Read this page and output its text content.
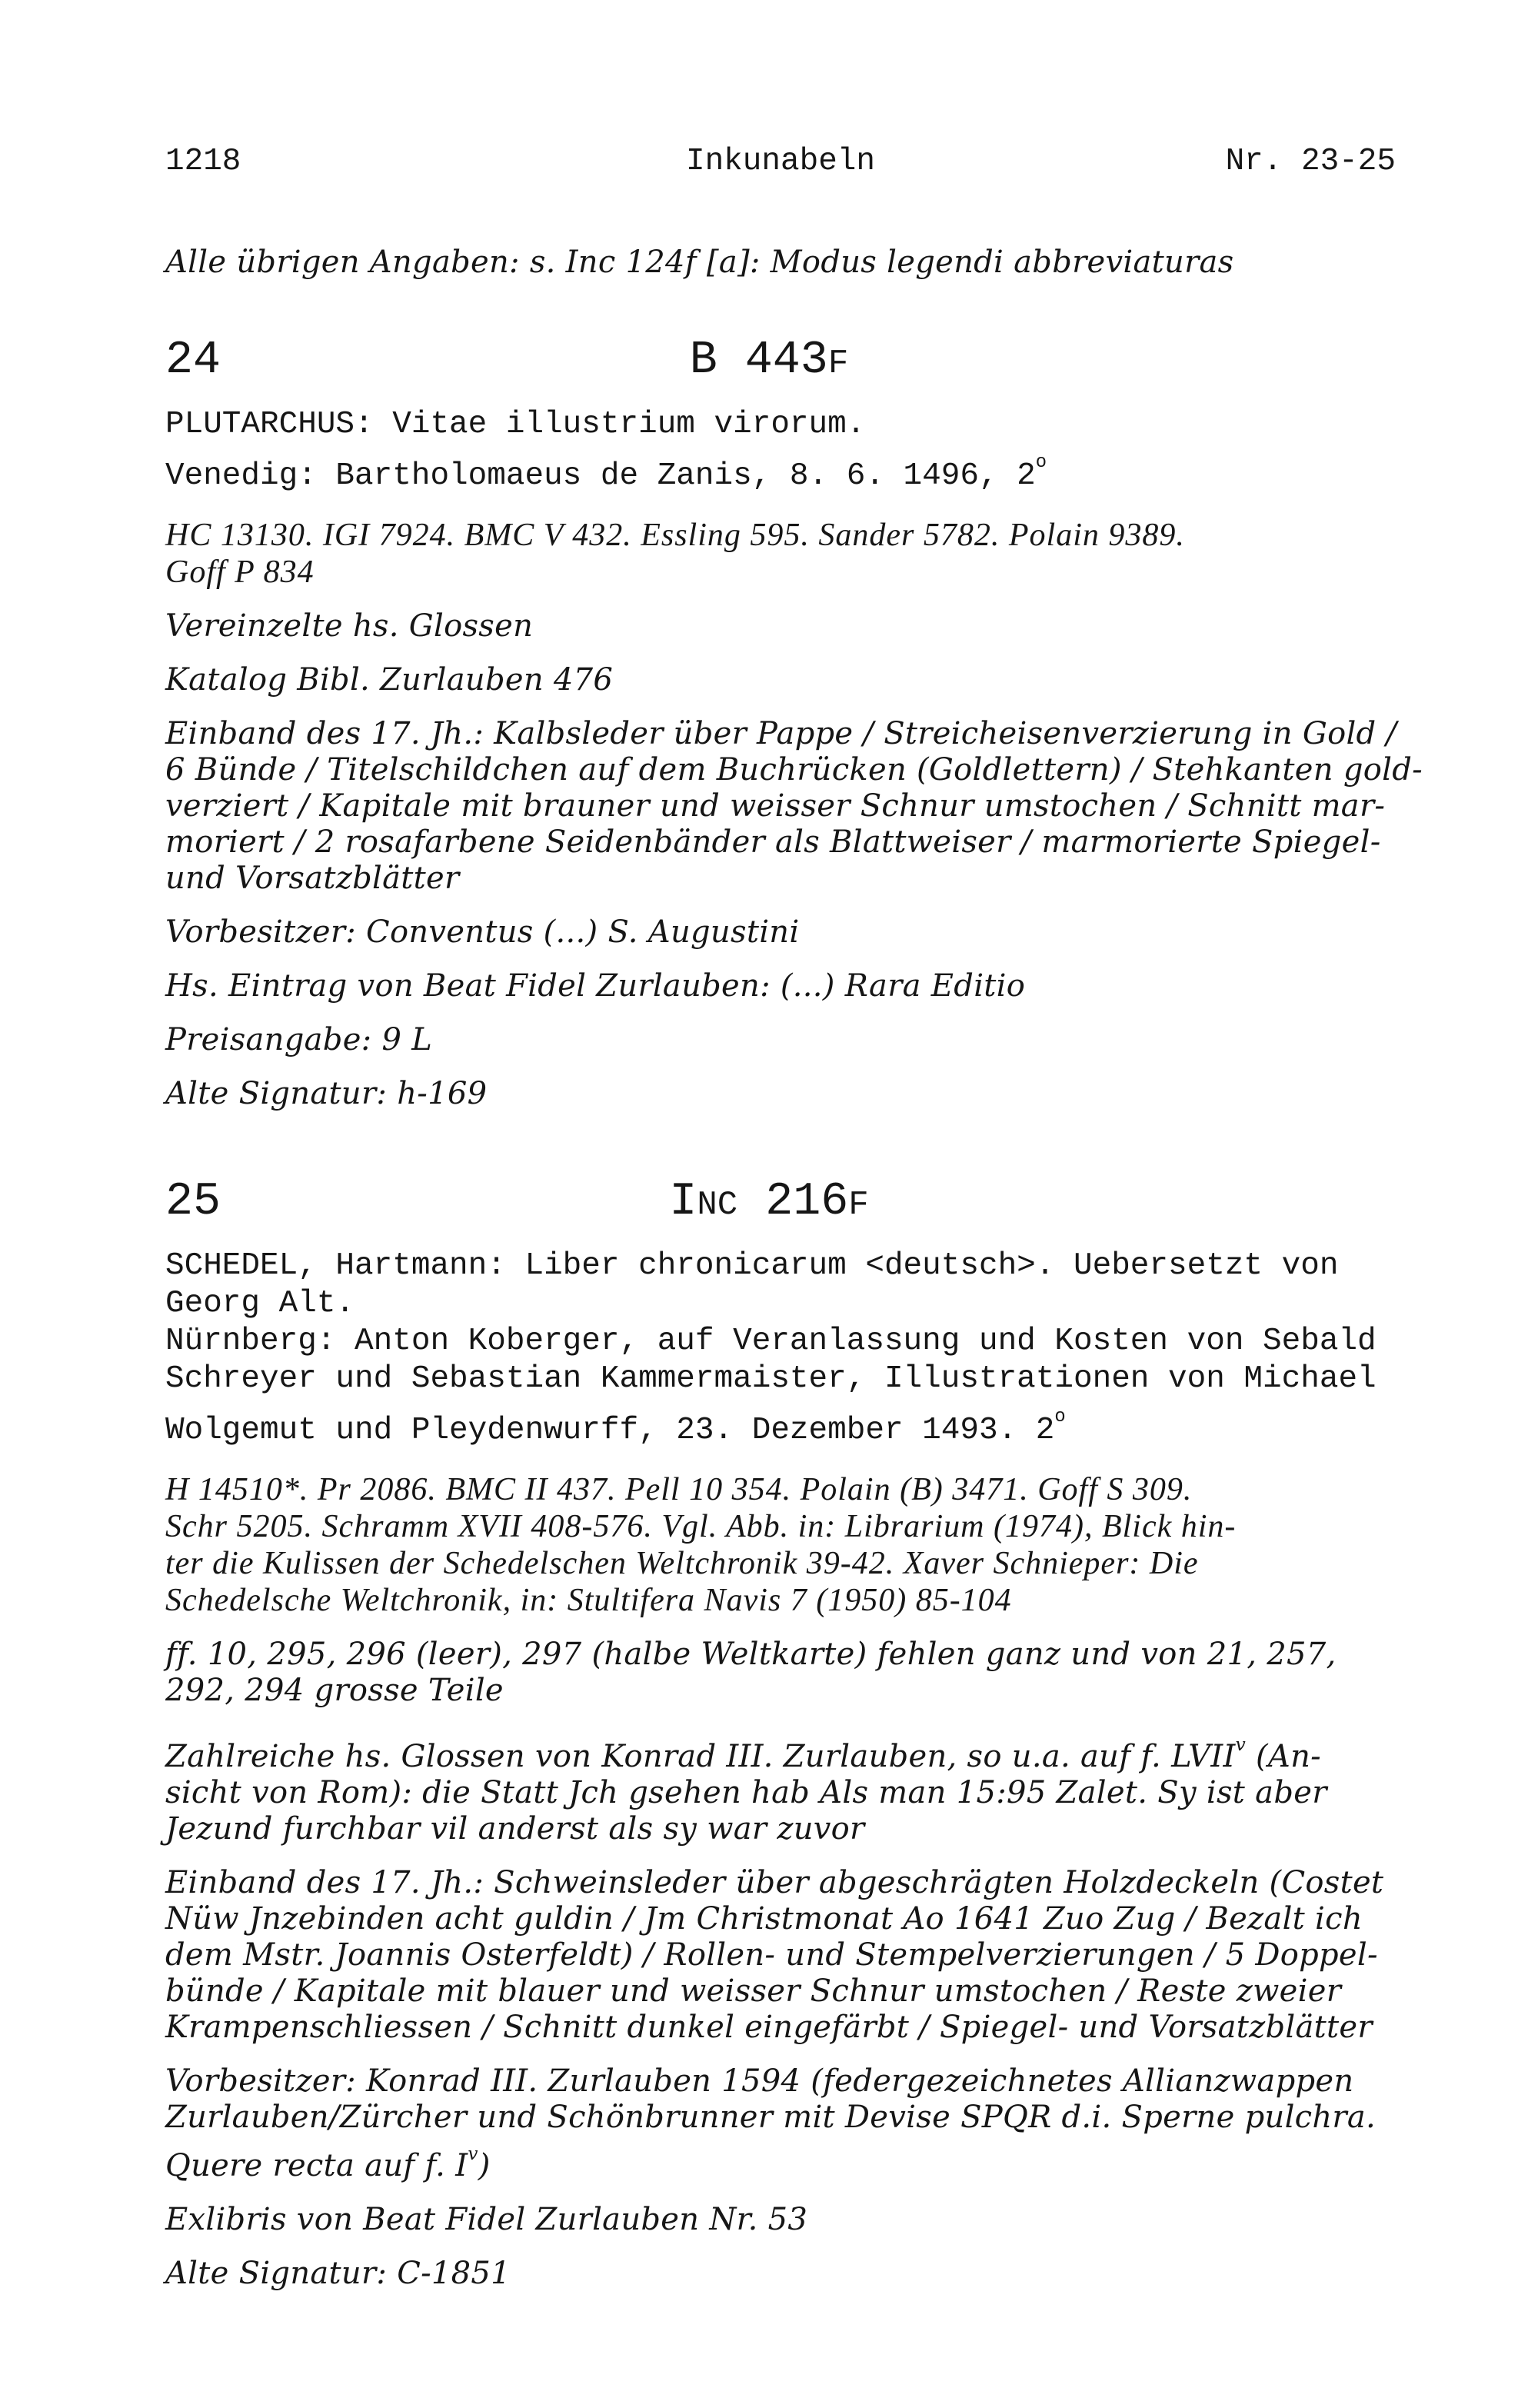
1218	Inkunabeln	Nr. 23-25
Alle übrigen Angaben: s. Inc 124f [a]: Modus legendi abbreviaturas
24	B 443F
PLUTARCHUS: Vitae illustrium virorum.
Venedig: Bartholomaeus de Zanis, 8. 6. 1496, 2$^o$
HC 13130. IGI 7924. BMC V 432. Essling 595. Sander 5782. Polain 9389.
Goff P 834
Vereinzelte hs. Glossen
Katalog Bibl. Zurlauben 476
Einband des 17. Jh.: Kalbsleder über Pappe / Streicheisenverzierung in Gold /
6 Bünde / Titelschildchen auf dem Buchrücken (Goldlettern) / Stehkanten gold-
verziert / Kapitale mit brauner und weisser Schnur umstochen / Schnitt mar-
moriert / 2 rosafarbene Seidenbänder als Blattweiser / marmorierte Spiegel-
und Vorsatzblätter
Vorbesitzer: Conventus (...) S. Augustini
Hs. Eintrag von Beat Fidel Zurlauben: (...) Rara Editio
Preisangabe: 9 L
Alte Signatur: h-169
25	INC 216F
SCHEDEL, Hartmann: Liber chronicarum <deutsch>. Uebersetzt von
Georg Alt.
Nürnberg: Anton Koberger, auf Veranlassung und Kosten von Sebald
Schreyer und Sebastian Kammermaister, Illustrationen von Michael
Wolgemut und Pleydenwurff, 23. Dezember 1493. 2$^o$
H 14510*. Pr 2086. BMC II 437. Pell 10 354. Polain (B) 3471. Goff S 309.
Schr 5205. Schramm XVII 408-576. Vgl. Abb. in: Librarium (1974), Blick hin-
ter die Kulissen der Schedelschen Weltchronik 39-42. Xaver Schnieper: Die
Schedelsche Weltchronik, in: Stultifera Navis 7 (1950) 85-104
ff. 10, 295, 296 (leer), 297 (halbe Weltkarte) fehlen ganz und von 21, 257,
292, 294 grosse Teile
Zahlreiche hs. Glossen von Konrad III. Zurlauben, so u.a. auf f. LVII$^v$ (An-
sicht von Rom): die Statt Jch gsehen hab Als man 15:95 Zalet. Sy ist aber
Jezund furchbar vil anderst als sy war zuvor
Einband des 17. Jh.: Schweinsleder über abgeschrägten Holzdeckeln (Costet
Nüw Jnzebinden acht guldin / Jm Christmonat Ao 1641 Zuo Zug / Bezalt ich
dem Mstr. Joannis Osterfeldt) / Rollen- und Stempelverzierungen / 5 Doppel-
bünde / Kapitale mit blauer und weisser Schnur umstochen / Reste zweier
Krampenschliessen / Schnitt dunkel eingefärbt / Spiegel- und Vorsatzblätter
Vorbesitzer: Konrad III. Zurlauben 1594 (federgezeichnetes Allianzwappen
Zurlauben/Zürcher und Schönbrunner mit Devise SPQR d.i. Sperne pulchra.
Quere recta auf f. $I^v$)
Exlibris von Beat Fidel Zurlauben Nr. 53
Alte Signatur: C-1851
